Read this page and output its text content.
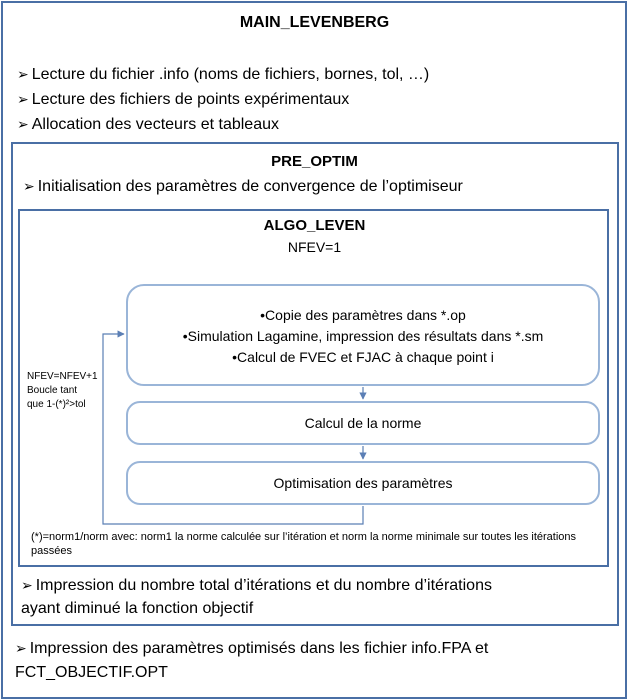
MAIN_LEVENBERG
➢ Lecture du fichier .info (noms de fichiers, bornes, tol, …)
➢ Lecture des fichiers de points expérimentaux
➢ Allocation des vecteurs et tableaux
PRE_OPTIM
➢ Initialisation des paramètres de convergence de l’optimiseur
ALGO_LEVEN
NFEV=1
NFEV=NFEV+1
Boucle tant
que 1-(*)²>tol
•Copie des paramètres dans *.op
•Simulation Lagamine, impression des résultats dans *.sm
•Calcul de FVEC et FJAC à chaque point i
Calcul de la norme
Optimisation des paramètres
(*)=norm1/norm avec: norm1 la norme calculée sur l’itération et norm la norme minimale sur toutes les itérations passées
➢ Impression du nombre total d’itérations et du nombre d’itérations
ayant diminué la fonction objectif
➢ Impression des paramètres optimisés dans les fichier info.FPA et
FCT_OBJECTIF.OPT
